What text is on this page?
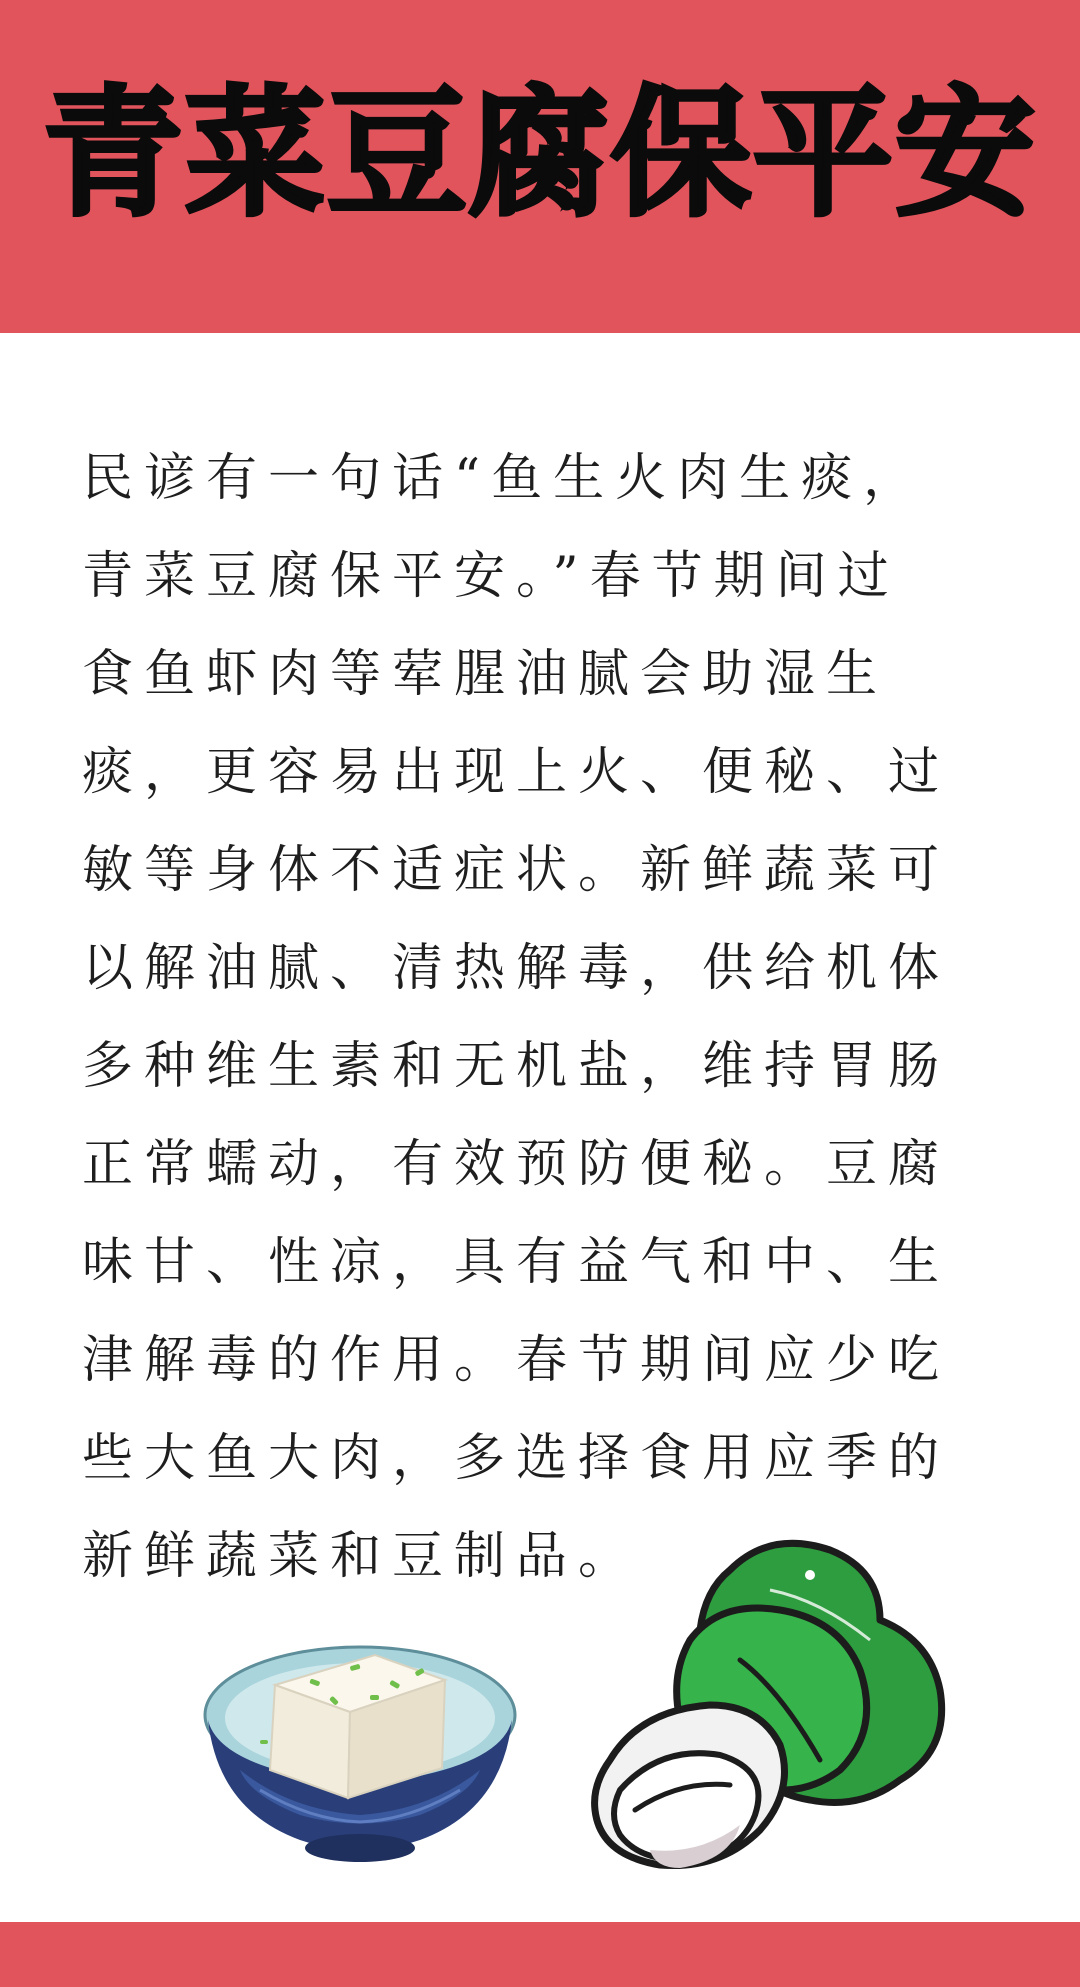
青菜豆腐保平安
民谚有一句话“鱼生火肉生痰，
青菜豆腐保平安。”春节期间过
食鱼虾肉等荤腥油腻会助湿生
痰，更容易出现上火、便秘、过
敏等身体不适症状。新鲜蔬菜可
以解油腻、清热解毒，供给机体
多种维生素和无机盐，维持胃肠
正常蠕动，有效预防便秘。豆腐
味甘、性凉，具有益气和中、生
津解毒的作用。春节期间应少吃
些大鱼大肉，多选择食用应季的
新鲜蔬菜和豆制品。
